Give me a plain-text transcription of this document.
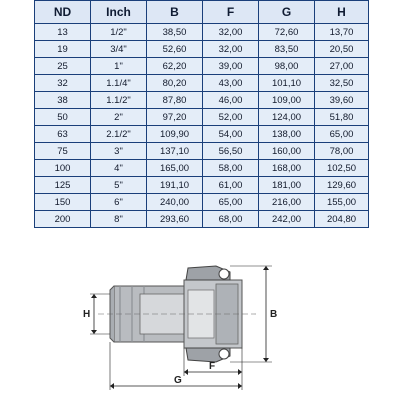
ND	Inch	B	F	G	H
13	1/2"	38,50	32,00	72,60	13,70
19	3/4"	52,60	32,00	83,50	20,50
25	1"	62,20	39,00	98,00	27,00
32	1.1/4"	80,20	43,00	101,10	32,50
38	1.1/2"	87,80	46,00	109,00	39,60
50	2"	97,20	52,00	124,00	51,80
63	2.1/2"	109,90	54,00	138,00	65,00
75	3"	137,10	56,50	160,00	78,00
100	4"	165,00	58,00	168,00	102,50
125	5"	191,10	61,00	181,00	129,60
150	6"	240,00	65,00	216,00	155,00
200	8"	293,60	68,00	242,00	204,80
H	B
F
G
